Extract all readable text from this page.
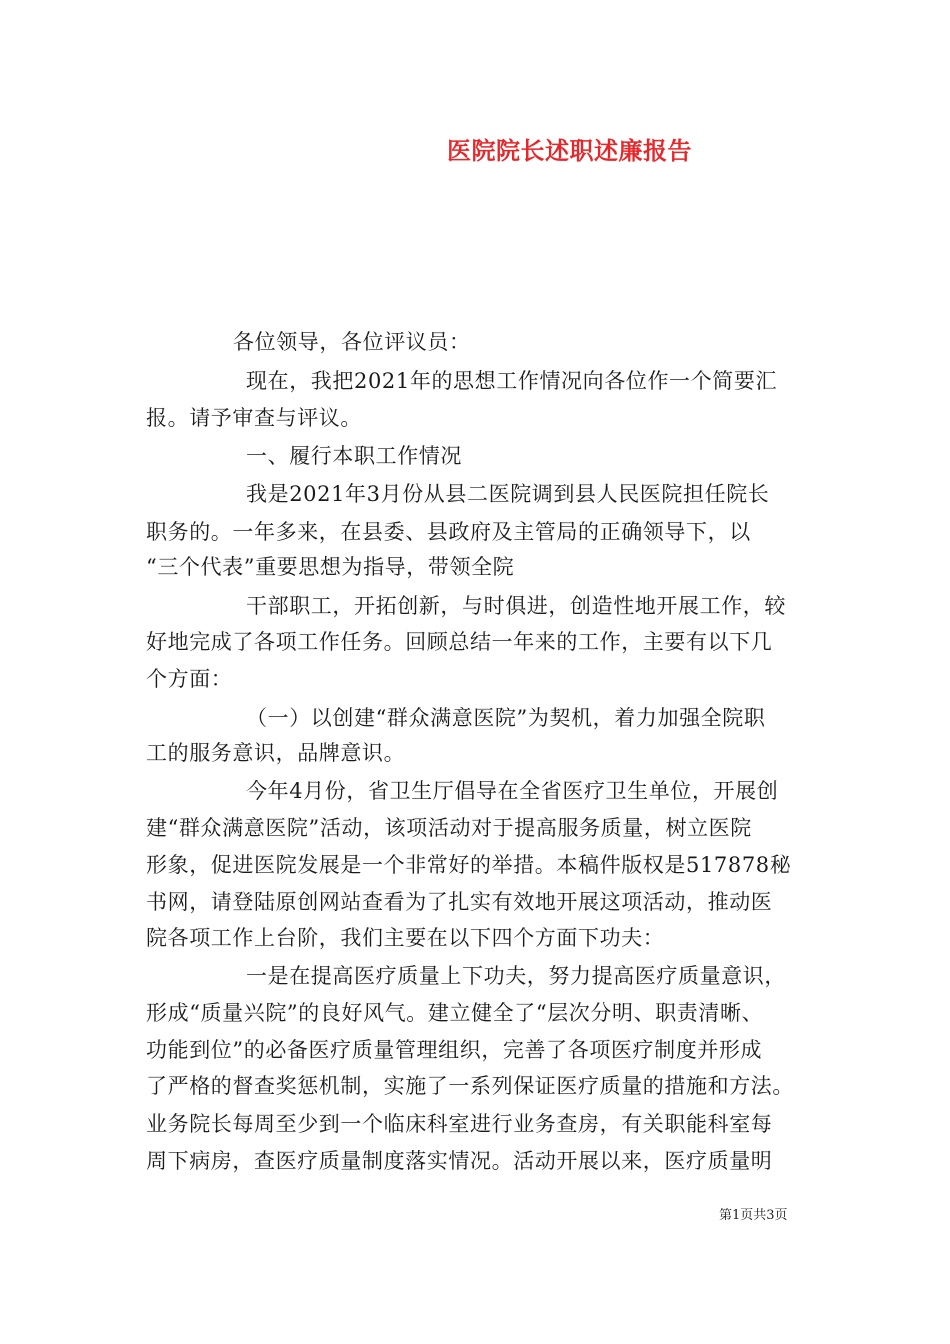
医院院长述职述廉报告
各位领导，各位评议员：
现在，我把2021年的思想工作情况向各位作一个简要汇
报。请予审查与评议。
一、履行本职工作情况
我是2021年3月份从县二医院调到县人民医院担任院长
职务的。一年多来，在县委、县政府及主管局的正确领导下，以
“三个代表”重要思想为指导，带领全院
干部职工，开拓创新，与时俱进，创造性地开展工作，较
好地完成了各项工作任务。回顾总结一年来的工作，主要有以下几
个方面：
（一）以创建“群众满意医院”为契机，着力加强全院职
工的服务意识，品牌意识。
今年4月份，省卫生厅倡导在全省医疗卫生单位，开展创
建“群众满意医院”活动，该项活动对于提高服务质量，树立医院
形象，促进医院发展是一个非常好的举措。本稿件版权是517878秘
书网，请登陆原创网站查看为了扎实有效地开展这项活动，推动医
院各项工作上台阶，我们主要在以下四个方面下功夫：
一是在提高医疗质量上下功夫，努力提高医疗质量意识，
形成“质量兴院”的良好风气。建立健全了“层次分明、职责清晰、
功能到位”的必备医疗质量管理组织，完善了各项医疗制度并形成
了严格的督查奖惩机制，实施了一系列保证医疗质量的措施和方法。
业务院长每周至少到一个临床科室进行业务查房，有关职能科室每
周下病房，查医疗质量制度落实情况。活动开展以来，医疗质量明
第1页共3页
